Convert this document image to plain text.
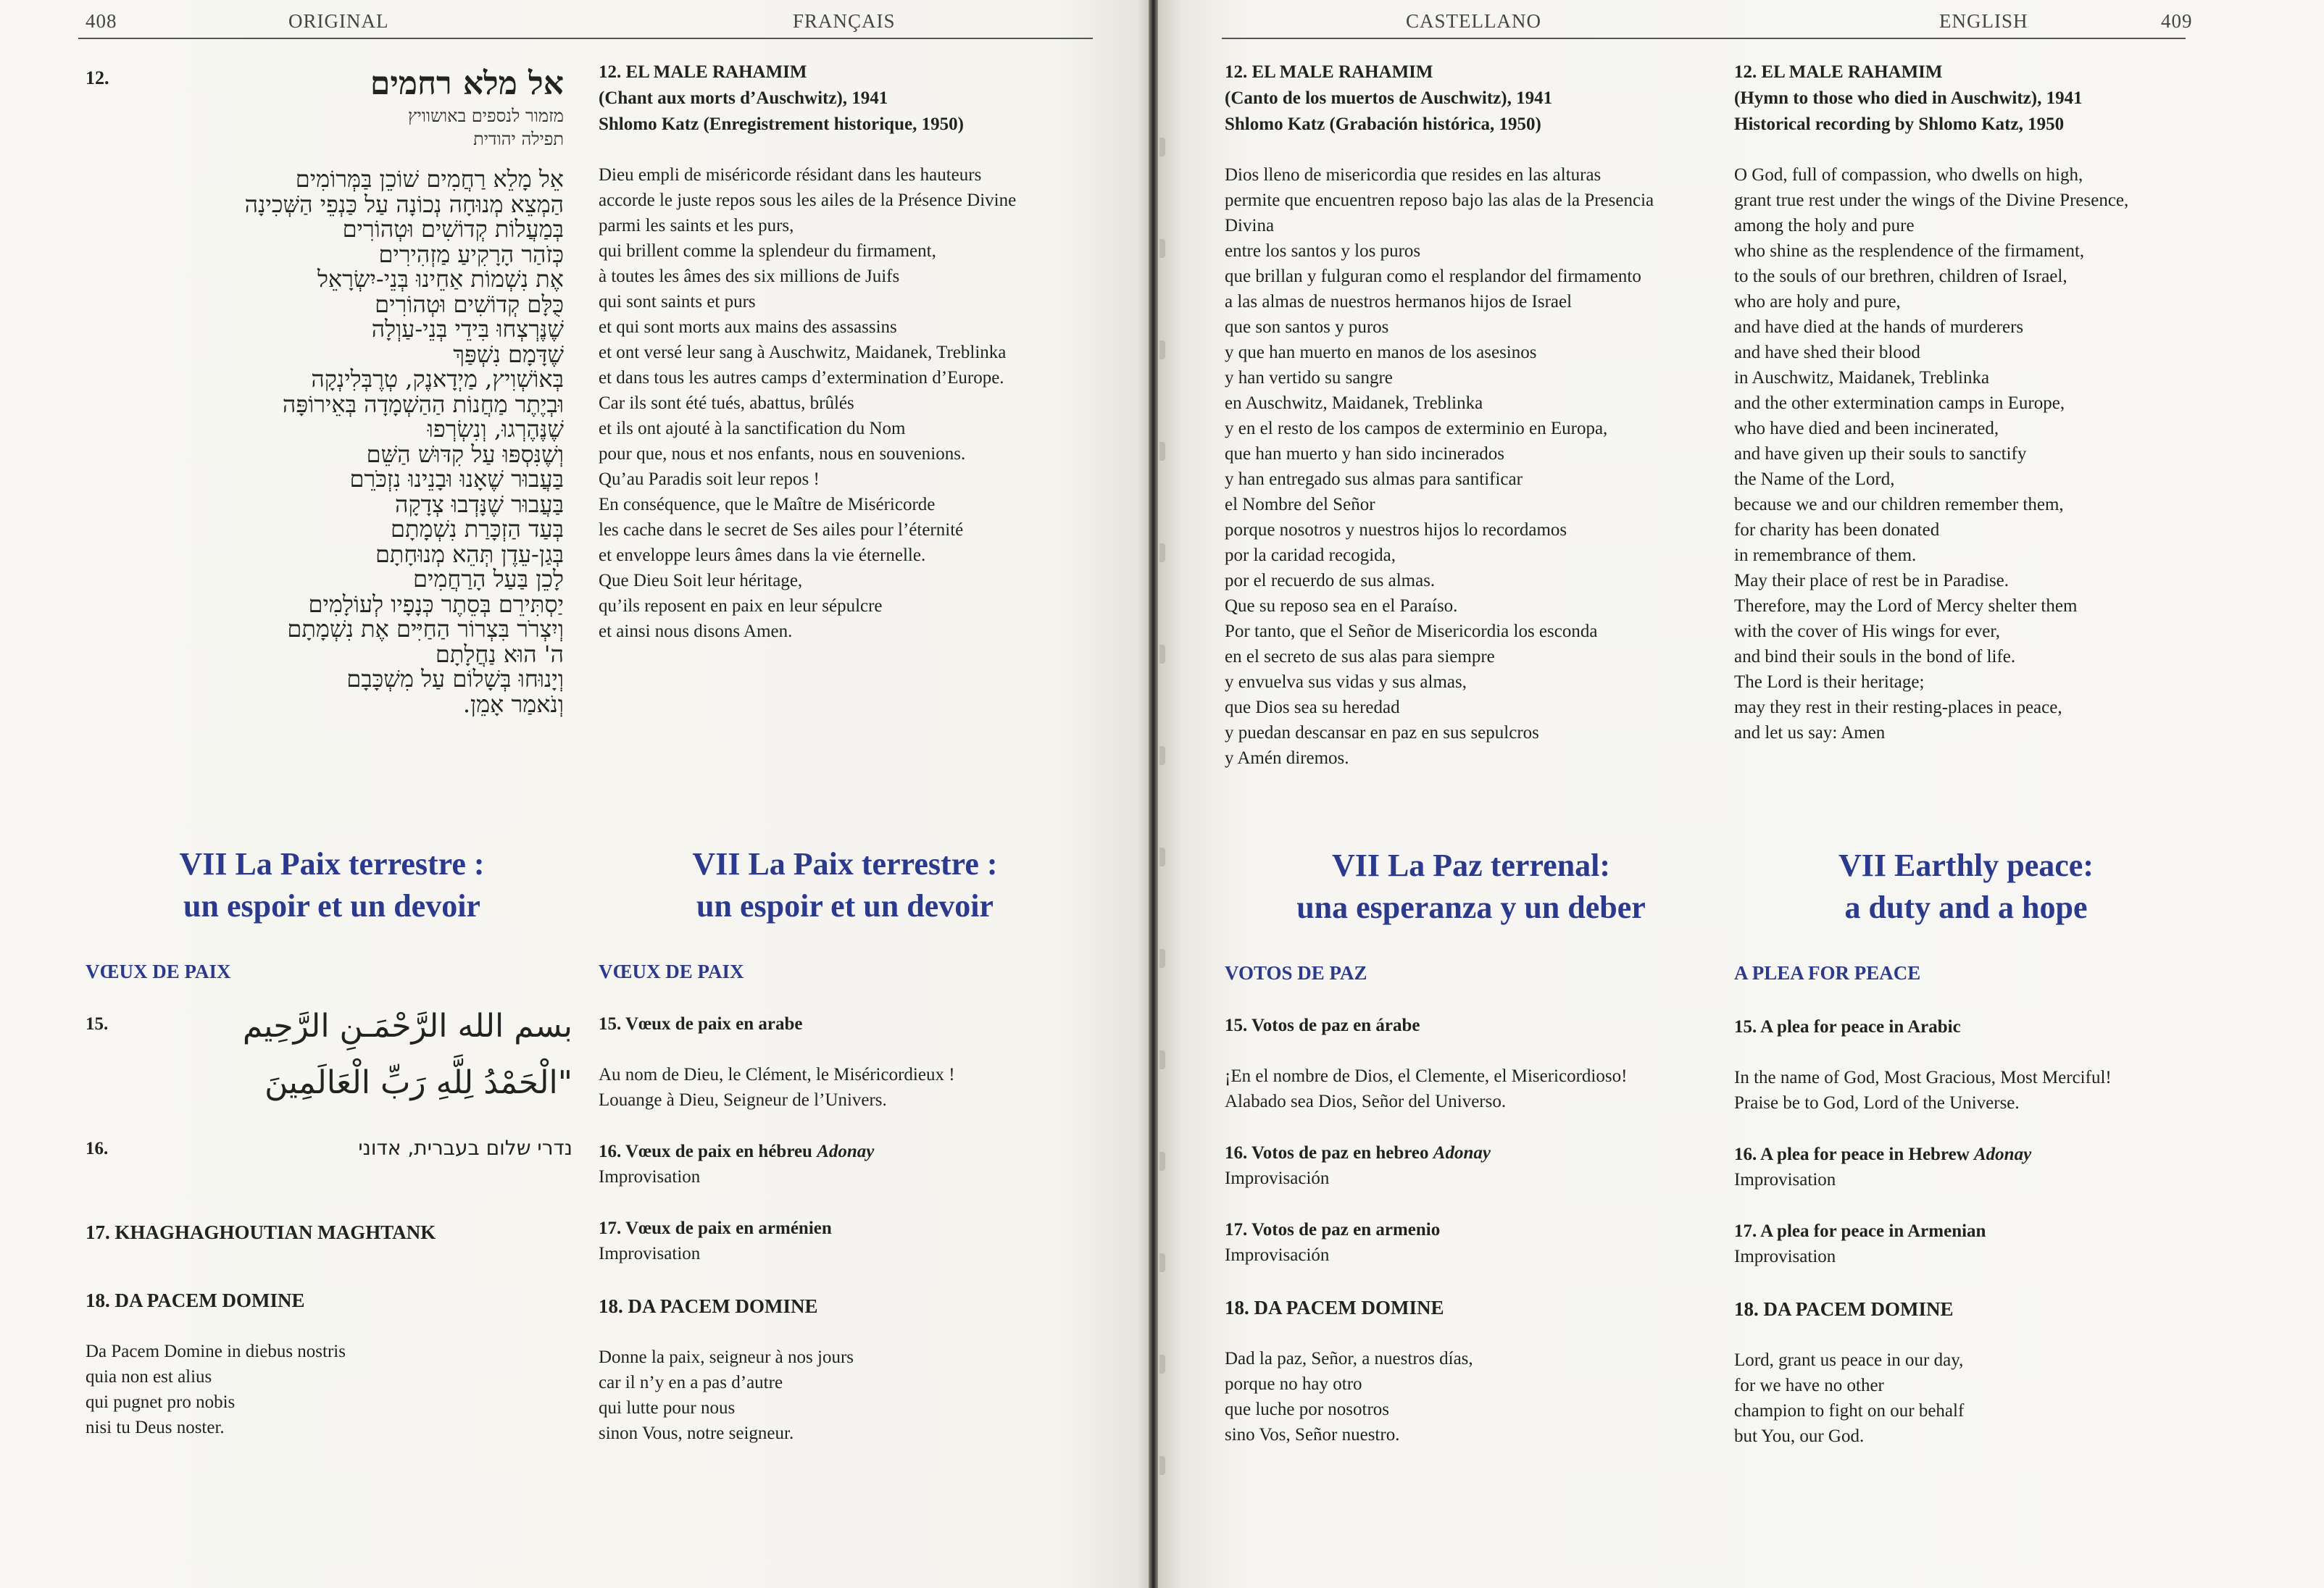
408	ORIGINAL	FRANÇAIS
12.	אל מלא רחמים
מזמור לנספים באושוויץ
תפילה יהודית
אֵל מָלֵא רַחֲמִים שׁוֹכֵן בַּמְּרוֹמִים
הַמְצֵא מְנוּחָה נְכוֹנָה עַל כַּנְפֵי הַשְּׁכִינָה
בְּמַעֲלוֹת קְדוֹשִׁים וּטְהוֹרִים
כְּזֹהַר הָרָקִיעַ מַזְהִירִים
אֶת נִשְׁמוֹת אַחֵינוּ בְּנֵי-יִשְׂרָאֵל
כֻּלָּם קְדוֹשִׁים וּטְהוֹרִים
שֶׁנֶּרְצְחוּ בִּידֵי בְּנֵי-עַוְלָה
שֶׁדָּמָם נִשְׁפַּךְ
בְּאוֹשְׁוִיץ, מַיְדָאנֶק, טְרֶבְּלִינְקָה
וּבְיֶתֶר מַחֲנוֹת הַהַשְׁמָדָה בְּאֵירוֹפָּה
שֶׁנֶּהֶרְגוּ, וְנִשְׂרְפוּ
וְשֶׁנִּסְפּוּ עַל קִדּוּשׁ הַשֵּׁם
בַּעֲבוּר שֶׁאָנוּ וּבָנֵינוּ נִזְכֹּרֵם
בַּעֲבוּר שֶׁנָּדְבוּ צְדָקָה
בְּעַד הַזְכָּרַת נִשְׁמָתָם
בְּגַן-עֵדֶן תְּהֵא מְנוּחָתָם
לָכֵן בַּעַל הָרַחֲמִים
יַסְתִּירֵם בְּסֵתֶר כְּנָפָיו לְעוֹלָמִים
וְיִצְרֹר בִּצְרוֹר הַחַיִּים אֶת נִשְׁמָתָם
ה' הוּא נַחֲלָתָם
וְיָנוּחוּ בְּשָׁלוֹם עַל מִשְׁכָּבָם
וְנֹאמַר אָמֵן.
12. EL MALE RAHAMIM
(Chant aux morts d’Auschwitz), 1941
Shlomo Katz (Enregistrement historique, 1950)
Dieu empli de miséricorde résidant dans les hauteurs
accorde le juste repos sous les ailes de la Présence Divine
parmi les saints et les purs,
qui brillent comme la splendeur du firmament,
à toutes les âmes des six millions de Juifs
qui sont saints et purs
et qui sont morts aux mains des assassins
et ont versé leur sang à Auschwitz, Maidanek, Treblinka
et dans tous les autres camps d’extermination d’Europe.
Car ils sont été tués, abattus, brûlés
et ils ont ajouté à la sanctification du Nom
pour que, nous et nos enfants, nous en souvenions.
Qu’au Paradis soit leur repos !
En conséquence, que le Maître de Miséricorde
les cache dans le secret de Ses ailes pour l’éternité
et enveloppe leurs âmes dans la vie éternelle.
Que Dieu Soit leur héritage,
qu’ils reposent en paix en leur sépulcre
et ainsi nous disons Amen.
VII La Paix terrestre :
un espoir et un devoir
VII La Paix terrestre :
un espoir et un devoir
VŒUX DE PAIX	VŒUX DE PAIX
15.	بسم الله الرَّحْمَـنِ الرَّحِيم
"الْحَمْدُ لِلَّهِ رَبِّ الْعَالَمِينَ
16.	נדרי שלום בעברית, אדוני
17. KHAGHAGHOUTIAN MAGHTANK
18. DA PACEM DOMINE
Da Pacem Domine in diebus nostris
quia non est alius
qui pugnet pro nobis
nisi tu Deus noster.
15. Vœux de paix en arabe
Au nom de Dieu, le Clément, le Miséricordieux !
Louange à Dieu, Seigneur de l’Univers.
16. Vœux de paix en hébreu Adonay
Improvisation
17. Vœux de paix en arménien
Improvisation
18. DA PACEM DOMINE
Donne la paix, seigneur à nos jours
car il n’y en a pas d’autre
qui lutte pour nous
sinon Vous, notre seigneur.
CASTELLANO	ENGLISH	409
12. EL MALE RAHAMIM
(Canto de los muertos de Auschwitz), 1941
Shlomo Katz (Grabación histórica, 1950)
Dios lleno de misericordia que resides en las alturas
permite que encuentren reposo bajo las alas de la Presencia
Divina
entre los santos y los puros
que brillan y fulguran como el resplandor del firmamento
a las almas de nuestros hermanos hijos de Israel
que son santos y puros
y que han muerto en manos de los asesinos
y han vertido su sangre
en Auschwitz, Maidanek, Treblinka
y en el resto de los campos de exterminio en Europa,
que han muerto y han sido incinerados
y han entregado sus almas para santificar
el Nombre del Señor
porque nosotros y nuestros hijos lo recordamos
por la caridad recogida,
por el recuerdo de sus almas.
Que su reposo sea en el Paraíso.
Por tanto, que el Señor de Misericordia los esconda
en el secreto de sus alas para siempre
y envuelva sus vidas y sus almas,
que Dios sea su heredad
y puedan descansar en paz en sus sepulcros
y Amén diremos.
12. EL MALE RAHAMIM
(Hymn to those who died in Auschwitz), 1941
Historical recording by Shlomo Katz, 1950
O God, full of compassion, who dwells on high,
grant true rest under the wings of the Divine Presence,
among the holy and pure
who shine as the resplendence of the firmament,
to the souls of our brethren, children of Israel,
who are holy and pure,
and have died at the hands of murderers
and have shed their blood
in Auschwitz, Maidanek, Treblinka
and the other extermination camps in Europe,
who have died and been incinerated,
and have given up their souls to sanctify
the Name of the Lord,
because we and our children remember them,
for charity has been donated
in remembrance of them.
May their place of rest be in Paradise.
Therefore, may the Lord of Mercy shelter them
with the cover of His wings for ever,
and bind their souls in the bond of life.
The Lord is their heritage;
may they rest in their resting-places in peace,
and let us say: Amen
VII La Paz terrenal:
una esperanza y un deber
VII Earthly peace:
a duty and a hope
VOTOS DE PAZ	A PLEA FOR PEACE
15. Votos de paz en árabe
¡En el nombre de Dios, el Clemente, el Misericordioso!
Alabado sea Dios, Señor del Universo.
16. Votos de paz en hebreo Adonay
Improvisación
17. Votos de paz en armenio
Improvisación
18. DA PACEM DOMINE
Dad la paz, Señor, a nuestros días,
porque no hay otro
que luche por nosotros
sino Vos, Señor nuestro.
15. A plea for peace in Arabic
In the name of God, Most Gracious, Most Merciful!
Praise be to God, Lord of the Universe.
16. A plea for peace in Hebrew Adonay
Improvisation
17. A plea for peace in Armenian
Improvisation
18. DA PACEM DOMINE
Lord, grant us peace in our day,
for we have no other
champion to fight on our behalf
but You, our God.
